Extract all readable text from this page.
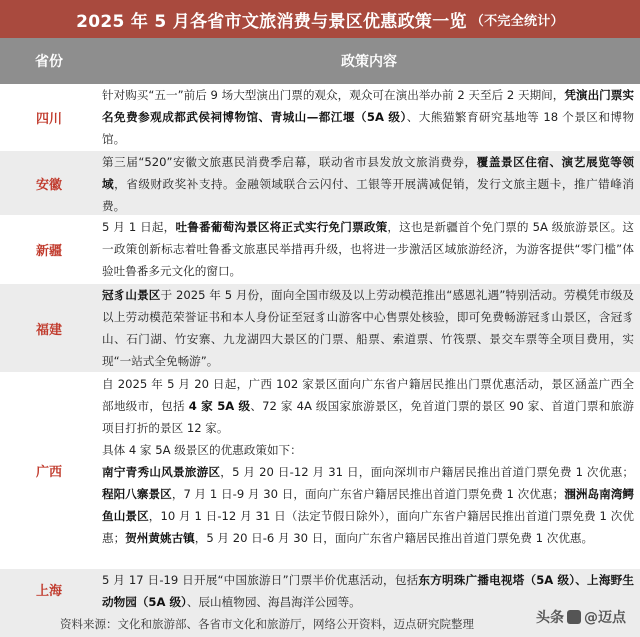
2025 年 5 月各省市文旅消费与景区优惠政策一览 （不完全统计）
省份	政策内容
四川
针对购买“五一”前后 9 场大型演出门票的观众，观众可在演出举办前 2 天至后 2 天期间，凭演出门票实名免费参观成都武侯祠博物馆、青城山—都江堰（5A 级）、大熊猫繁育研究基地等 18 个景区和博物馆。
安徽
第三届“520”安徽文旅惠民消费季启幕，联动省市县发放文旅消费券，覆盖景区住宿、演艺展览等领域，省级财政奖补支持。金融领域联合云闪付、工银等开展满减促销，发行文旅主题卡，推广错峰消费。
新疆
5 月 1 日起，吐鲁番葡萄沟景区将正式实行免门票政策，这也是新疆首个免门票的 5A 级旅游景区。这一政策创新标志着吐鲁番文旅惠民举措再升级，也将进一步激活区域旅游经济，为游客提供“零门槛”体验吐鲁番多元文化的窗口。
福建
冠豸山景区于 2025 年 5 月份，面向全国市级及以上劳动模范推出“感恩礼遇”特别活动。劳模凭市级及以上劳动模范荣誉证书和本人身份证至冠豸山游客中心售票处核验，即可免费畅游冠豸山景区，含冠豸山、石门湖、竹安寨、九龙湖四大景区的门票、船票、索道票、竹筏票、景交车票等全项目费用，实现“一站式全免畅游”。
广西
自 2025 年 5 月 20 日起，广西 102 家景区面向广东省户籍居民推出门票优惠活动，景区涵盖广西全部地级市，包括 4 家 5A 级、72 家 4A 级国家旅游景区，免首道门票的景区 90 家、首道门票和旅游项目打折的景区 12 家。
具体 4 家 5A 级景区的优惠政策如下：
南宁青秀山风景旅游区，5 月 20 日-12 月 31 日，面向深圳市户籍居民推出首道门票免费 1 次优惠；程阳八寨景区，7 月 1 日-9 月 30 日，面向广东省户籍居民推出首道门票免费 1 次优惠；涠洲岛南湾鳄鱼山景区，10 月 1 日-12 月 31 日（法定节假日除外），面向广东省户籍居民推出首道门票免费 1 次优惠；贺州黄姚古镇，5 月 20 日-6 月 30 日，面向广东省户籍居民推出首道门票免费 1 次优惠。
上海
5 月 17 日-19 日开展“中国旅游日”门票半价优惠活动，包括东方明珠广播电视塔（5A 级）、上海野生动物园（5A 级）、辰山植物园、海昌海洋公园等。
资料来源：文化和旅游部、各省市文化和旅游厅，网络公开资料，迈点研究院整理	头条 @迈点
